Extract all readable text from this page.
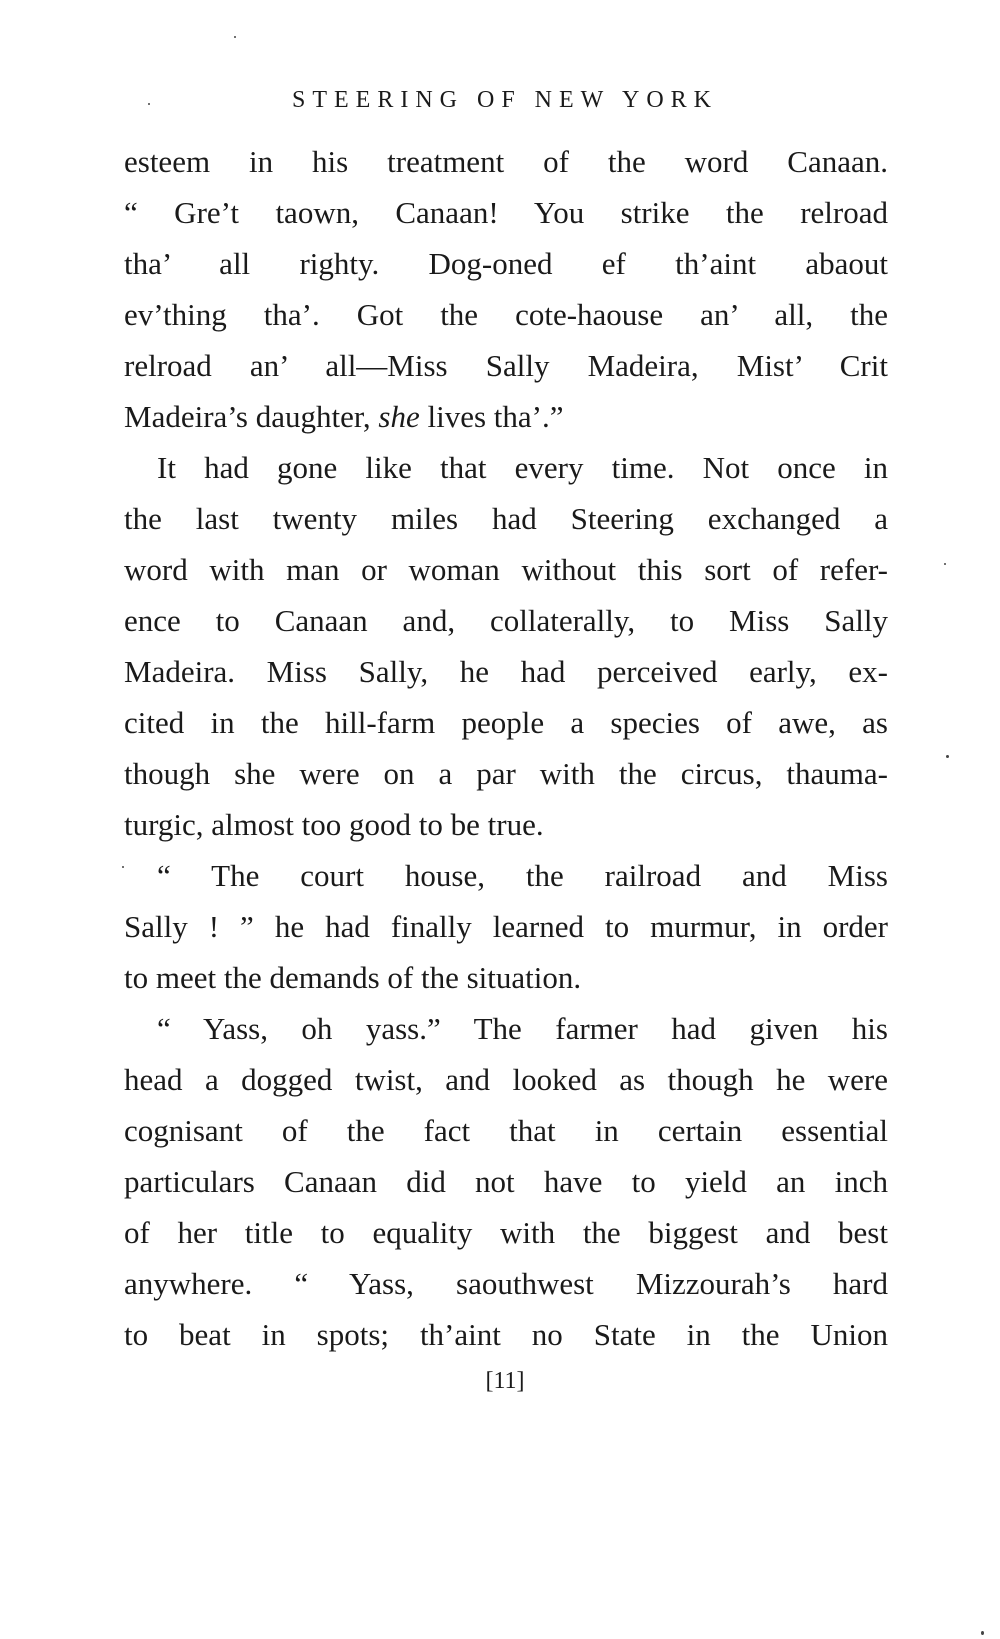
STEERING OF NEW YORK
esteem in his treatment of the word Canaan.
“ Gre’t taown, Canaan! You strike the relroad
tha’ all righty. Dog-oned ef th’aint abaout
ev’thing tha’. Got the cote-haouse an’ all, the
relroad an’ all—Miss Sally Madeira, Mist’ Crit
Madeira’s daughter, she lives tha’.”
It had gone like that every time. Not once in
the last twenty miles had Steering exchanged a
word with man or woman without this sort of refer-
ence to Canaan and, collaterally, to Miss Sally
Madeira. Miss Sally, he had perceived early, ex-
cited in the hill-farm people a species of awe, as
though she were on a par with the circus, thauma-
turgic, almost too good to be true.
“ The court house, the railroad and Miss
Sally ! ” he had finally learned to murmur, in order
to meet the demands of the situation.
“ Yass, oh yass.” The farmer had given his
head a dogged twist, and looked as though he were
cognisant of the fact that in certain essential
particulars Canaan did not have to yield an inch
of her title to equality with the biggest and best
anywhere. “ Yass, saouthwest Mizzourah’s hard
to beat in spots; th’aint no State in the Union
[11]
